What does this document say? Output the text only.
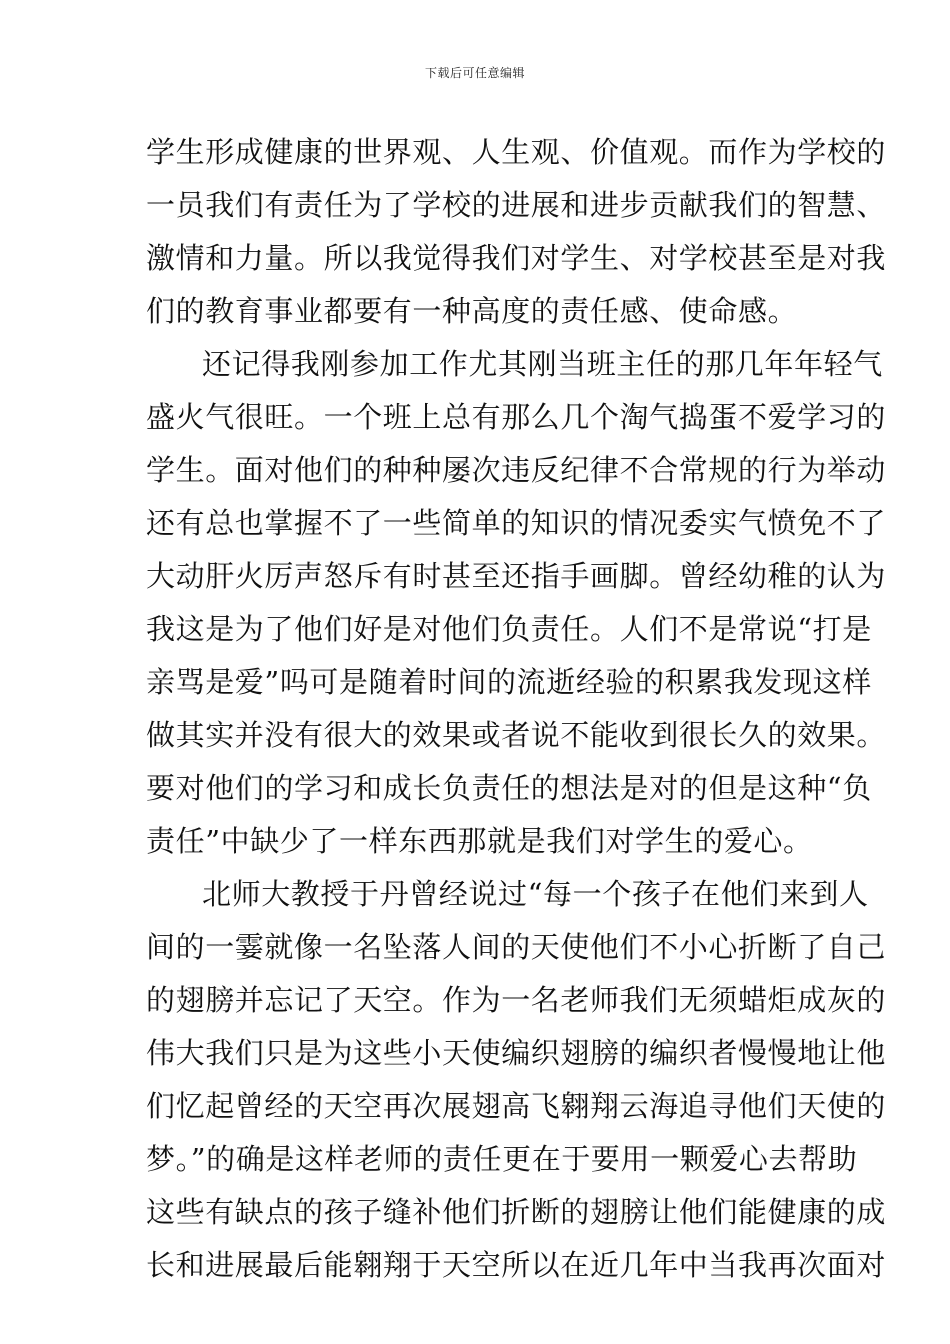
下载后可任意编辑
学生形成健康的世界观、人生观、价值观。而作为学校的
一员我们有责任为了学校的进展和进步贡献我们的智慧、
激情和力量。所以我觉得我们对学生、对学校甚至是对我
们的教育事业都要有一种高度的责任感、使命感。
还记得我刚参加工作尤其刚当班主任的那几年年轻气
盛火气很旺。一个班上总有那么几个淘气捣蛋不爱学习的
学生。面对他们的种种屡次违反纪律不合常规的行为举动
还有总也掌握不了一些简单的知识的情况委实气愤免不了
大动肝火厉声怒斥有时甚至还指手画脚。曾经幼稚的认为
我这是为了他们好是对他们负责任。人们不是常说“打是
亲骂是爱”吗可是随着时间的流逝经验的积累我发现这样
做其实并没有很大的效果或者说不能收到很长久的效果。
要对他们的学习和成长负责任的想法是对的但是这种“负
责任”中缺少了一样东西那就是我们对学生的爱心。
北师大教授于丹曾经说过“每一个孩子在他们来到人
间的一霎就像一名坠落人间的天使他们不小心折断了自己
的翅膀并忘记了天空。作为一名老师我们无须蜡炬成灰的
伟大我们只是为这些小天使编织翅膀的编织者慢慢地让他
们忆起曾经的天空再次展翅高飞翱翔云海追寻他们天使的
梦。”的确是这样老师的责任更在于要用一颗爱心去帮助
这些有缺点的孩子缝补他们折断的翅膀让他们能健康的成
长和进展最后能翱翔于天空所以在近几年中当我再次面对
